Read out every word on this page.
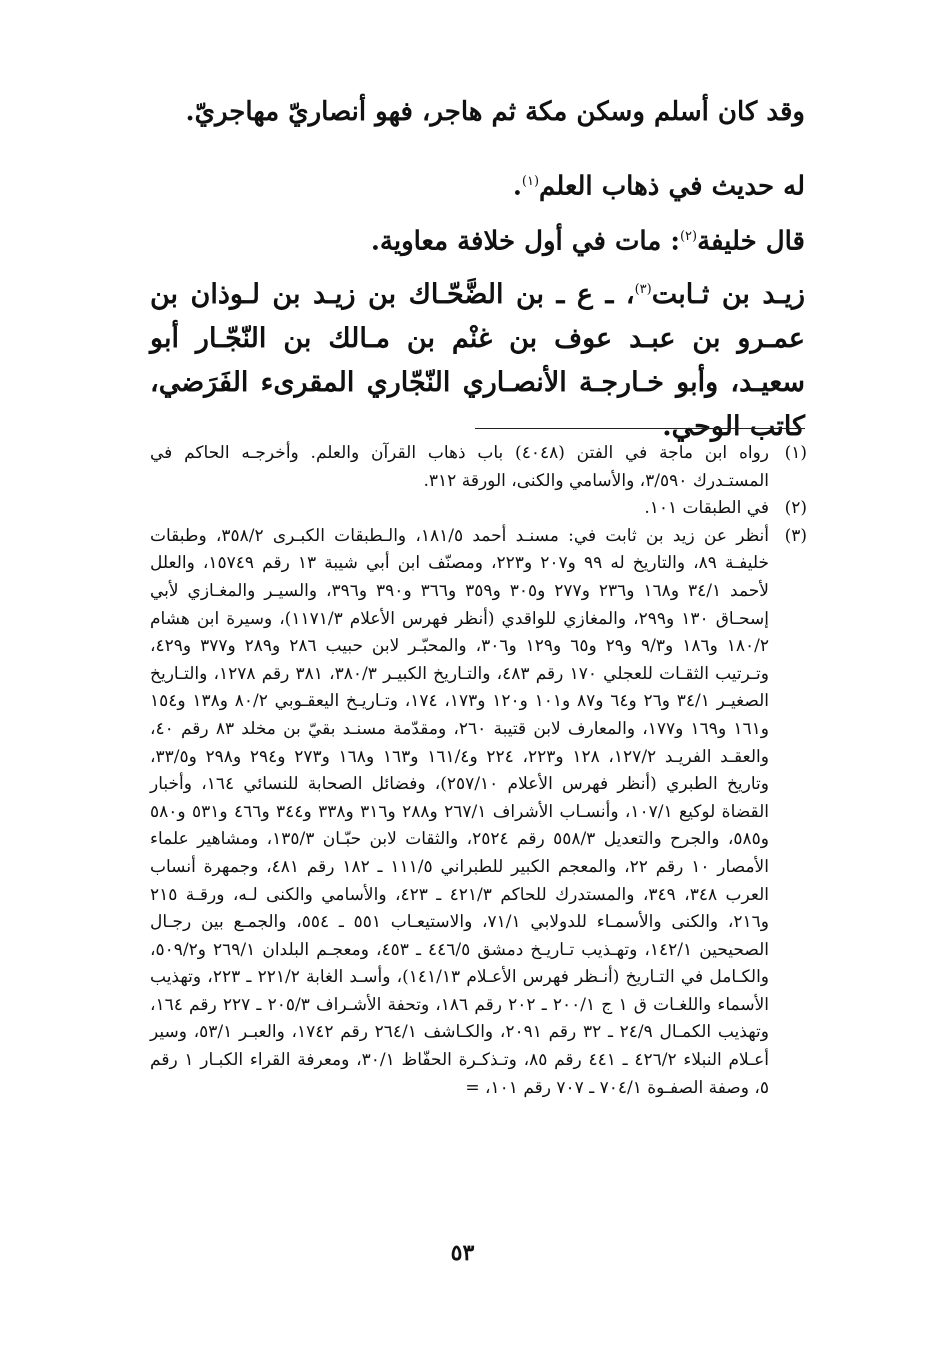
وقد كان أسلم وسكن مكة ثم هاجر، فهو أنصاريّ مهاجريّ.
له حديث في ذهاب العلم$^{(١)}$.
قال خليفة$^{(٢)}$: مات في أول خلافة معاوية.
زيـد بن ثـابت$^{(٣)}$، ـ ع ـ بن الضَّحّـاك بن زيـد بن لـوذان بن عمـرو بن عبـد عوف بن غنْم بن مـالك بن النّجّـار أبو سعيـد، وأبو خـارجـة الأنصـاري النّجّاري المقرىء الفَرَضي، كاتب الوحي.

(١)
رواه ابن ماجة في الفتن (٤٠٤٨) باب ذهاب القرآن والعلم. وأخرجـه الحاكم في المستـدرك ٣/٥٩٠، والأسامي والكنى، الورقة ٣١٢.

(٢)
في الطبقات ١٠١.

(٣)
أنظر عن زيد بن ثابت في: مسنـد أحمد ١٨١/٥، والـطبقات الكبـرى ٣٥٨/٢، وطبقات خليفـة ٨٩، والتاريخ له ٩٩ و٢٠٧ و٢٢٣، ومصنّف ابن أبي شيبة ١٣ رقم ١٥٧٤٩، والعلل لأحمد ٣٤/١ و١٦٨ و٢٣٦ و٢٧٧ و٣٠٥ و٣٥٩ و٣٦٦ و٣٩٠ و٣٩٦، والسيـر والمغـازي لأبي إسحـاق ١٣٠ و٢٩٩، والمغازي للواقدي (أنظر فهرس الأعلام ١١٧١/٣)، وسيرة ابن هشام ١٨٠/٢ و١٨٦ و٩/٣ و٢٩ و٦٥ و١٢٩ و٣٠٦، والمحبّـر لابن حبيب ٢٨٦ و٢٨٩ و٣٧٧ و٤٢٩، وتـرتيب الثقـات للعجلي ١٧٠ رقم ٤٨٣، والتـاريخ الكبيـر ٣٨٠/٣، ٣٨١ رقم ١٢٧٨، والتـاريخ الصغيـر ٣٤/١ و٢٦ و٦٤ و٨٧ و١٠١ و١٢٠ و١٧٣، ١٧٤، وتـاريـخ اليعقـوبي ٨٠/٢ و١٣٨ و١٥٤ و١٦١ و١٦٩ و١٧٧، والمعارف لابن قتيبة ٢٦٠، ومقدّمة مسنـد بقيّ بن مخلد ٨٣ رقم ٤٠، والعقـد الفريـد ١٢٧/٢، ١٢٨ و٢٢٣، ٢٢٤ و١٦١/٤ و١٦٣ و١٦٨ و٢٧٣ و٢٩٤ و٢٩٨ و٣٣/٥، وتاريخ الطبري (أنظر فهرس الأعلام ٢٥٧/١٠)، وفضائل الصحابة للنسائي ١٦٤، وأخبار القضاة لوكيع ١٠٧/١، وأنسـاب الأشراف ٢٦٧/١ و٢٨٨ و٣١٦ و٣٣٨ و٣٤٤ و٤٦٦ و٥٣١ و٥٨٠ و٥٨٥، والجرح والتعديل ٥٥٨/٣ رقم ٢٥٢٤، والثقات لابن حبّـان ١٣٥/٣، ومشاهير علماء الأمصار ١٠ رقم ٢٢، والمعجم الكبير للطبراني ١١١/٥ ـ ١٨٢ رقم ٤٨١، وجمهرة أنساب العرب ٣٤٨، ٣٤٩، والمستدرك للحاكم ٤٢١/٣ ـ ٤٢٣، والأسامي والكنى لـه، ورقـة ٢١٥ و٢١٦، والكنى والأسمـاء للدولابي ٧١/١، والاستيعـاب ٥٥١ ـ ٥٥٤، والجمـع بين رجـال الصحيحين ١٤٢/١، وتهـذيب تـاريـخ دمشق ٤٤٦/٥ ـ ٤٥٣، ومعجـم البلدان ٢٦٩/١ و٥٠٩/٢، والكـامل في التـاريخ (أنـظر فهرس الأعـلام ١٤١/١٣)، وأسـد الغابة ٢٢١/٢ ـ ٢٢٣، وتهذيب الأسماء واللغـات ق ١ ج ٢٠٠/١ ـ ٢٠٢ رقم ١٨٦، وتحفة الأشـراف ٢٠٥/٣ ـ ٢٢٧ رقم ١٦٤، وتهذيب الكمـال ٢٤/٩ ـ ٣٢ رقم ٢٠٩١، والكـاشف ٢٦٤/١ رقم ١٧٤٢، والعبـر ٥٣/١، وسير أعـلام النبلاء ٤٢٦/٢ ـ ٤٤١ رقم ٨٥، وتـذكـرة الحفّاظ ٣٠/١، ومعرفة القراء الكبـار ١ رقم ٥، وصفة الصفـوة ٧٠٤/١ ـ ٧٠٧ رقم ١٠١، =

٥٣
